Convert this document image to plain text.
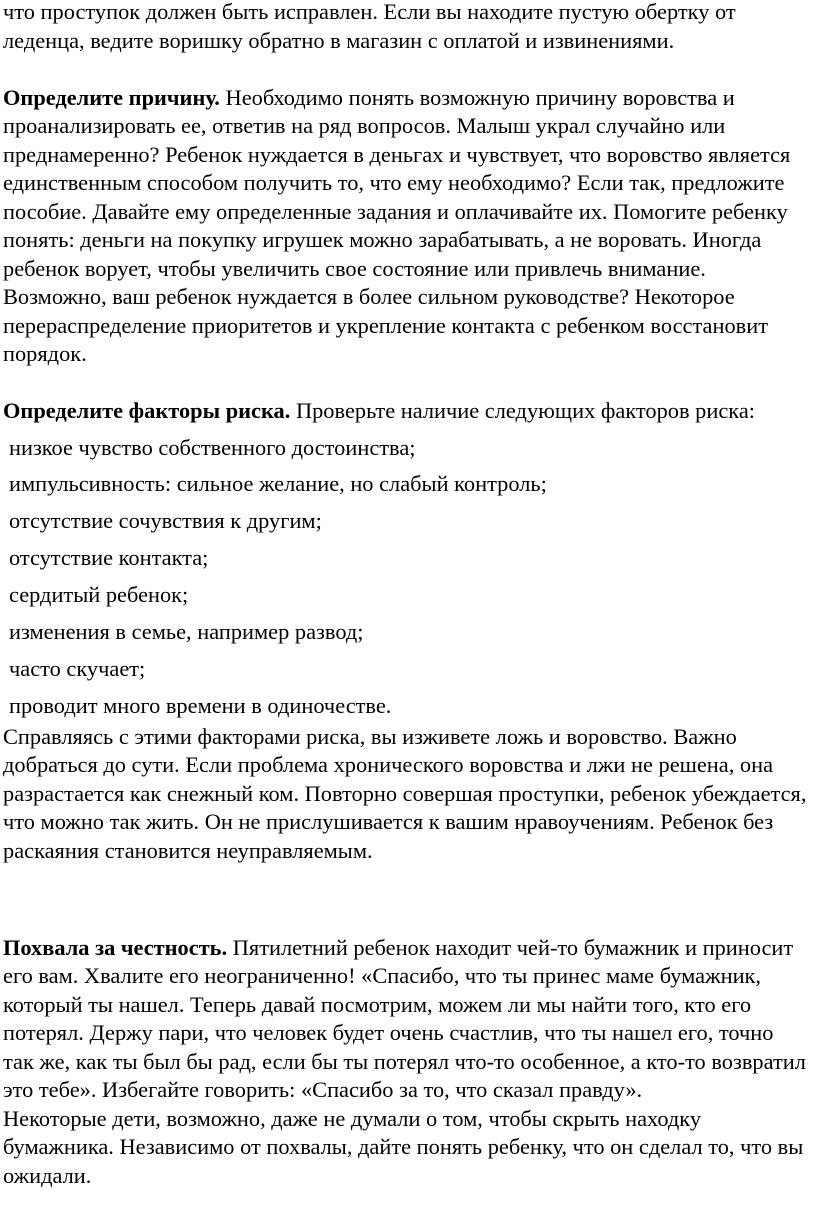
что проступок должен быть исправлен. Если вы находите пустую обертку от леденца, ведите воришку обратно в магазин с оплатой и извинениями.

Определите причину. Необходимо понять возможную причину воровства и проанализировать ее, ответив на ряд вопросов. Малыш украл случайно или преднамеренно? Ребенок нуждается в деньгах и чувствует, что воровство является единственным способом получить то, что ему необходимо? Если так, предложите пособие. Давайте ему определенные задания и оплачивайте их. Помогите ребенку понять: деньги на покупку игрушек можно зарабатывать, а не воровать. Иногда ребенок ворует, чтобы увеличить свое состояние или привлечь внимание. Возможно, ваш ребенок нуждается в более сильном руководстве? Некоторое перераспределение приоритетов и укрепление контакта с ребенком восстановит порядок.

Определите факторы риска. Проверьте наличие следующих факторов риска:

низкое чувство собственного достоинства;

импульсивность: сильное желание, но слабый контроль;

отсутствие сочувствия к другим;

отсутствие контакта;

сердитый ребенок;

изменения в семье, например развод;

часто скучает;

проводит много времени в одиночестве.

Справляясь с этими факторами риска, вы изживете ложь и воровство. Важно добраться до сути. Если проблема хронического воровства и лжи не решена, она разрастается как снежный ком. Повторно совершая проступки, ребенок убеждается, что можно так жить. Он не прислушивается к вашим нравоучениям. Ребенок без раскаяния становится неуправляемым.

Похвала за честность. Пятилетний ребенок находит чей-то бумажник и приносит его вам. Хвалите его неограниченно! «Спасибо, что ты принес маме бумажник, который ты нашел. Теперь давай посмотрим, можем ли мы найти того, кто его потерял. Держу пари, что человек будет очень счастлив, что ты нашел его, точно так же, как ты был бы рад, если бы ты потерял что-то особенное, а кто-то возвратил это тебе». Избегайте говорить: «Спасибо за то, что сказал правду».

Некоторые дети, возможно, даже не думали о том, чтобы скрыть находку бумажника. Независимо от похвалы, дайте понять ребенку, что он сделал то, что вы ожидали.
